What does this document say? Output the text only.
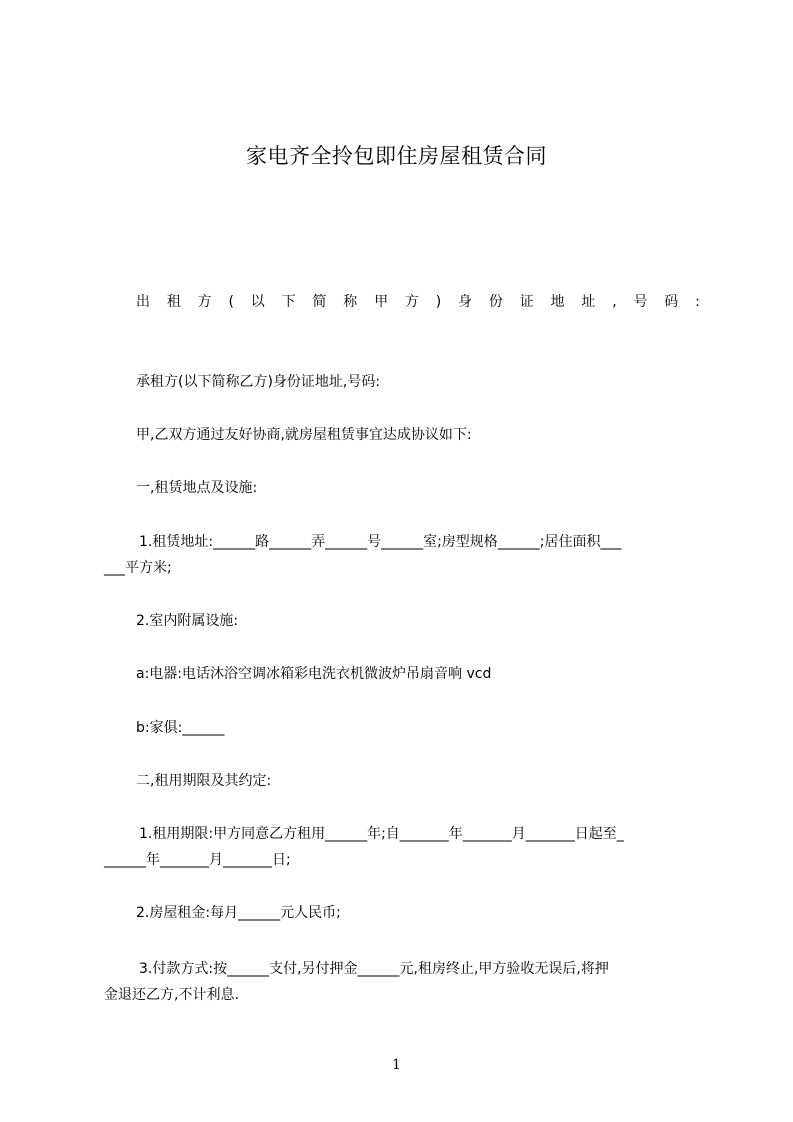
家电齐全拎包即住房屋租赁合同
出 租 方 ( 以 下 简 称 甲 方 ) 身 份 证 地 址 , 号 码 :
承租方(以下简称乙方)身份证地址,号码:
甲,乙双方通过友好协商,就房屋租赁事宜达成协议如下:
一,租赁地点及设施:
1.租赁地址:______路______弄______号______室;房型规格______;居住面积___
___平方米;
2.室内附属设施:
a:电器:电话沐浴空调冰箱彩电洗衣机微波炉吊扇音响 vcd
b:家俱:______
二,租用期限及其约定:
1.租用期限:甲方同意乙方租用______年;自_______年_______月_______日起至_
______年_______月_______日;
2.房屋租金:每月______元人民币;
3.付款方式:按______支付,另付押金______元,租房终止,甲方验收无误后,将押
金退还乙方,不计利息.
1
